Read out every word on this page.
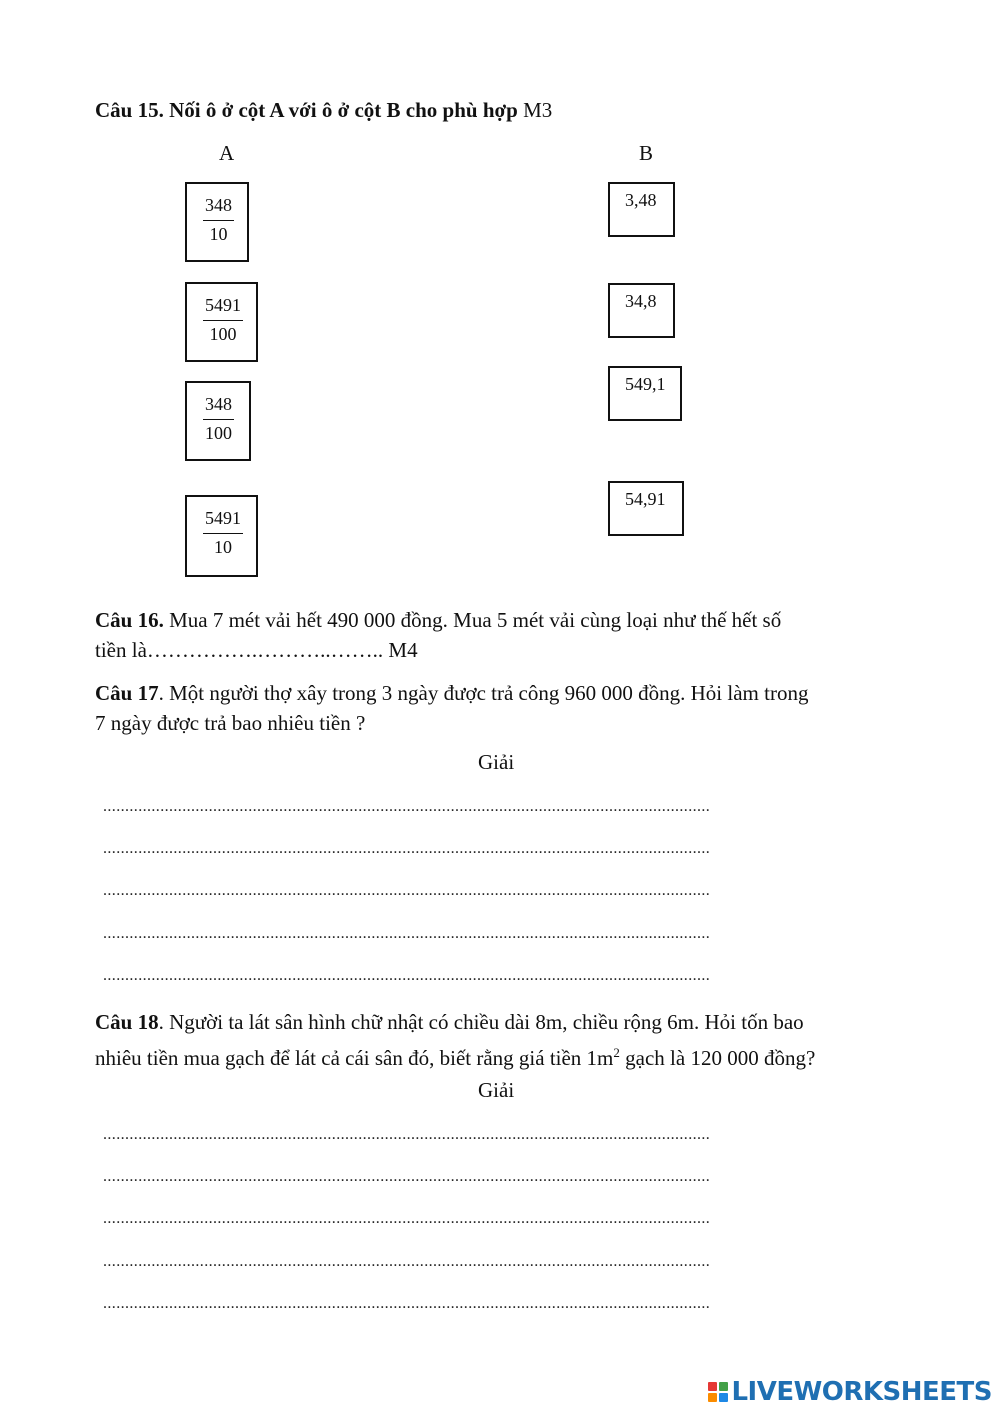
Câu 15. Nối ô ở cột A với ô ở cột B cho phù hợp M3
A	B
$\frac{348}{10}$
$\frac{5491}{100}$
$\frac{348}{100}$
$\frac{5491}{10}$
3,48
34,8
549,1
54,91
Câu 16. Mua 7 mét vải hết 490 000 đồng. Mua 5 mét vải cùng loại như thế hết số
tiền là…………….………..…….. M4
Câu 17. Một người thợ xây trong 3 ngày được trả công 960 000 đồng. Hỏi làm trong
7 ngày được trả bao nhiêu tiền ?
Giải
..........................................................................................................................................
..........................................................................................................................................
..........................................................................................................................................
..........................................................................................................................................
..........................................................................................................................................
Câu 18. Người ta lát sân hình chữ nhật có chiều dài 8m, chiều rộng 6m. Hỏi tốn bao
nhiêu tiền mua gạch để lát cả cái sân đó, biết rằng giá tiền $1m^2$ gạch là 120 000 đồng?
Giải
..........................................................................................................................................
..........................................................................................................................................
..........................................................................................................................................
..........................................................................................................................................
..........................................................................................................................................
LIVEWORKSHEETS
